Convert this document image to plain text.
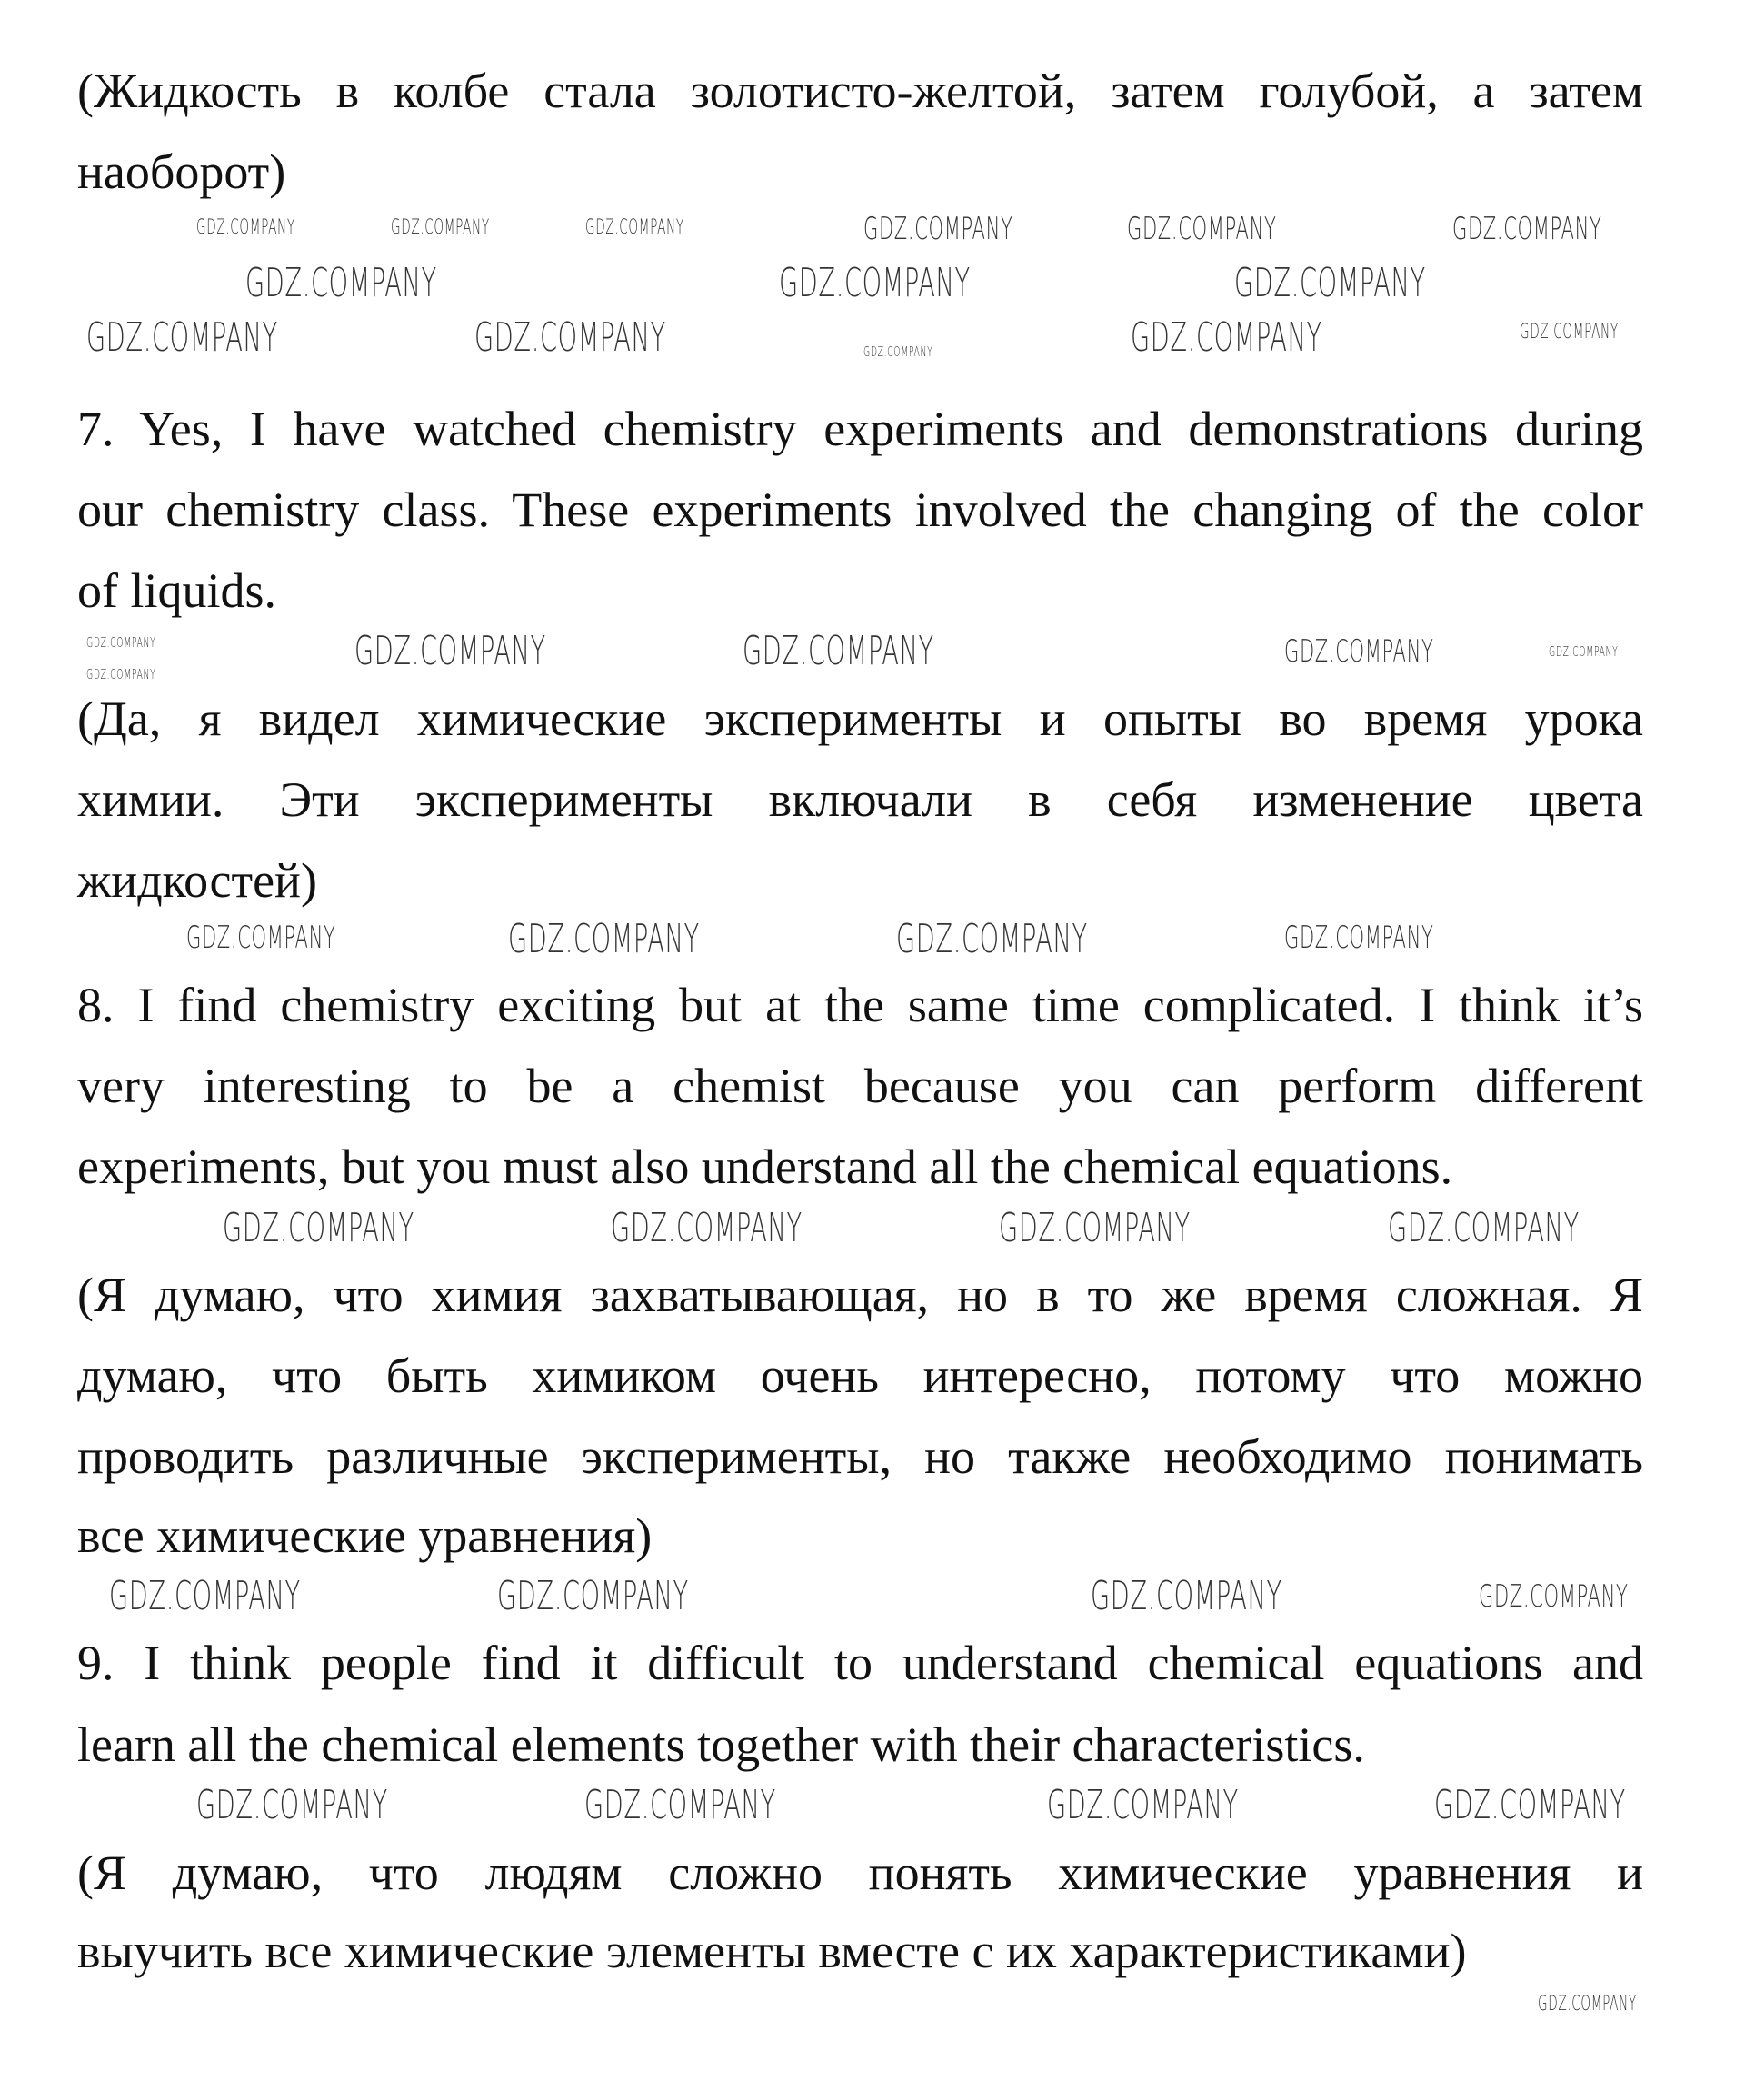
(Жидкость в колбе стала золотисто-желтой, затем голубой, а затем
наоборот)
7. Yes, I have watched chemistry experiments and demonstrations during
our chemistry class. These experiments involved the changing of the color
of liquids.
(Да, я видел химические эксперименты и опыты во время урока
химии. Эти эксперименты включали в себя изменение цвета
жидкостей)
8. I find chemistry exciting but at the same time complicated. I think it’s
very interesting to be a chemist because you can perform different
experiments, but you must also understand all the chemical equations.
(Я думаю, что химия захватывающая, но в то же время сложная. Я
думаю, что быть химиком очень интересно, потому что можно
проводить различные эксперименты, но также необходимо понимать
все химические уравнения)
9. I think people find it difficult to understand chemical equations and
learn all the chemical elements together with their characteristics.
(Я думаю, что людям сложно понять химические уравнения и
выучить все химические элементы вместе с их характеристиками)
GDZ.COMPANY	GDZ.COMPANY	GDZ.COMPANY	GDZ.COMPANY	GDZ.COMPANY	GDZ.COMPANY
GDZ.COMPANY	GDZ.COMPANY	GDZ.COMPANY
GDZ.COMPANY	GDZ.COMPANY	GDZ.COMPANY	GDZ.COMPANY	GDZ.COMPANY
GDZ.COMPANY
GDZ.COMPANY	GDZ.COMPANY	GDZ.COMPANY	GDZ.COMPANY	GDZ.COMPANY
GDZ.COMPANY	GDZ.COMPANY	GDZ.COMPANY	GDZ.COMPANY
GDZ.COMPANY	GDZ.COMPANY	GDZ.COMPANY	GDZ.COMPANY
GDZ.COMPANY	GDZ.COMPANY	GDZ.COMPANY	GDZ.COMPANY
GDZ.COMPANY	GDZ.COMPANY	GDZ.COMPANY	GDZ.COMPANY
GDZ.COMPANY
